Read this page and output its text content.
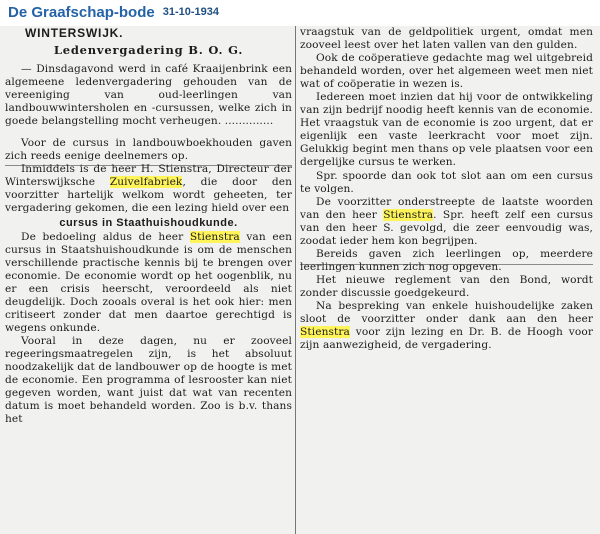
De Graafschap-bode 31-10-1934
WINTERSWIJK.
Ledenvergadering B. O. G.

— Dinsdagavond werd in café Kraaijenbrink een algemeene ledenvergadering gehouden van de vereeniging van oud-leerlingen van landbouwwintersholen en -cursussen, welke zich in goede belangstelling mocht verheugen. ..............

Voor de cursus in landbouwboekhouden gaven zich reeds eenige deelnemers op.

Inmiddels is de heer H. Stienstra, Directeur der Winterswijksche Zuivelfabriek, die door den voorzitter hartelijk welkom wordt geheeten, ter vergadering gekomen, die een lezing hield over een

cursus in Staathuishoudkunde.

De bedoeling aldus de heer Stienstra van een cursus in Staatshuishoudkunde is om de menschen verschillende practische kennis bij te brengen over economie. De economie wordt op het oogenblik, nu er een crisis heerscht, veroordeeld als niet deugdelijk. Doch zooals overal is het ook hier: men critiseert zonder dat men daartoe gerechtigd is wegens onkunde.

Vooral in deze dagen, nu er zooveel regeeringsmaatregelen zijn, is het absoluut noodzakelijk dat de landbouwer op de hoogte is met de economie. Een programma of lesrooster kan niet gegeven worden, want juist dat wat van recenten datum is moet behandeld worden. Zoo is b.v. thans het

vraagstuk van de geldpolitiek urgent, omdat men zooveel leest over het laten vallen van den gulden.

Ook de coöperatieve gedachte mag wel uitgebreid behandeld worden, over het algemeen weet men niet wat of coöperatie in wezen is.

Iedereen moet inzien dat hij voor de ontwikkeling van zijn bedrijf noodig heeft kennis van de economie. Het vraagstuk van de economie is zoo urgent, dat er eigenlijk een vaste leerkracht voor moet zijn. Gelukkig begint men thans op vele plaatsen voor een dergelijke cursus te werken.

Spr. spoorde dan ook tot slot aan om een cursus te volgen.

De voorzitter onderstreepte de laatste woorden van den heer Stienstra. Spr. heeft zelf een cursus van den heer S. gevolgd, die zeer eenvoudig was, zoodat ieder hem kon begrijpen.

Bereids gaven zich leerlingen op, meerdere leerlingen kunnen zich nog opgeven.

Het nieuwe reglement van den Bond, wordt zonder discussie goedgekeurd.

Na bespreking van enkele huishoudelijke zaken sloot de voorzitter onder dank aan den heer Stienstra voor zijn lezing en Dr. B. de Hoogh voor zijn aanwezigheid, de vergadering.
